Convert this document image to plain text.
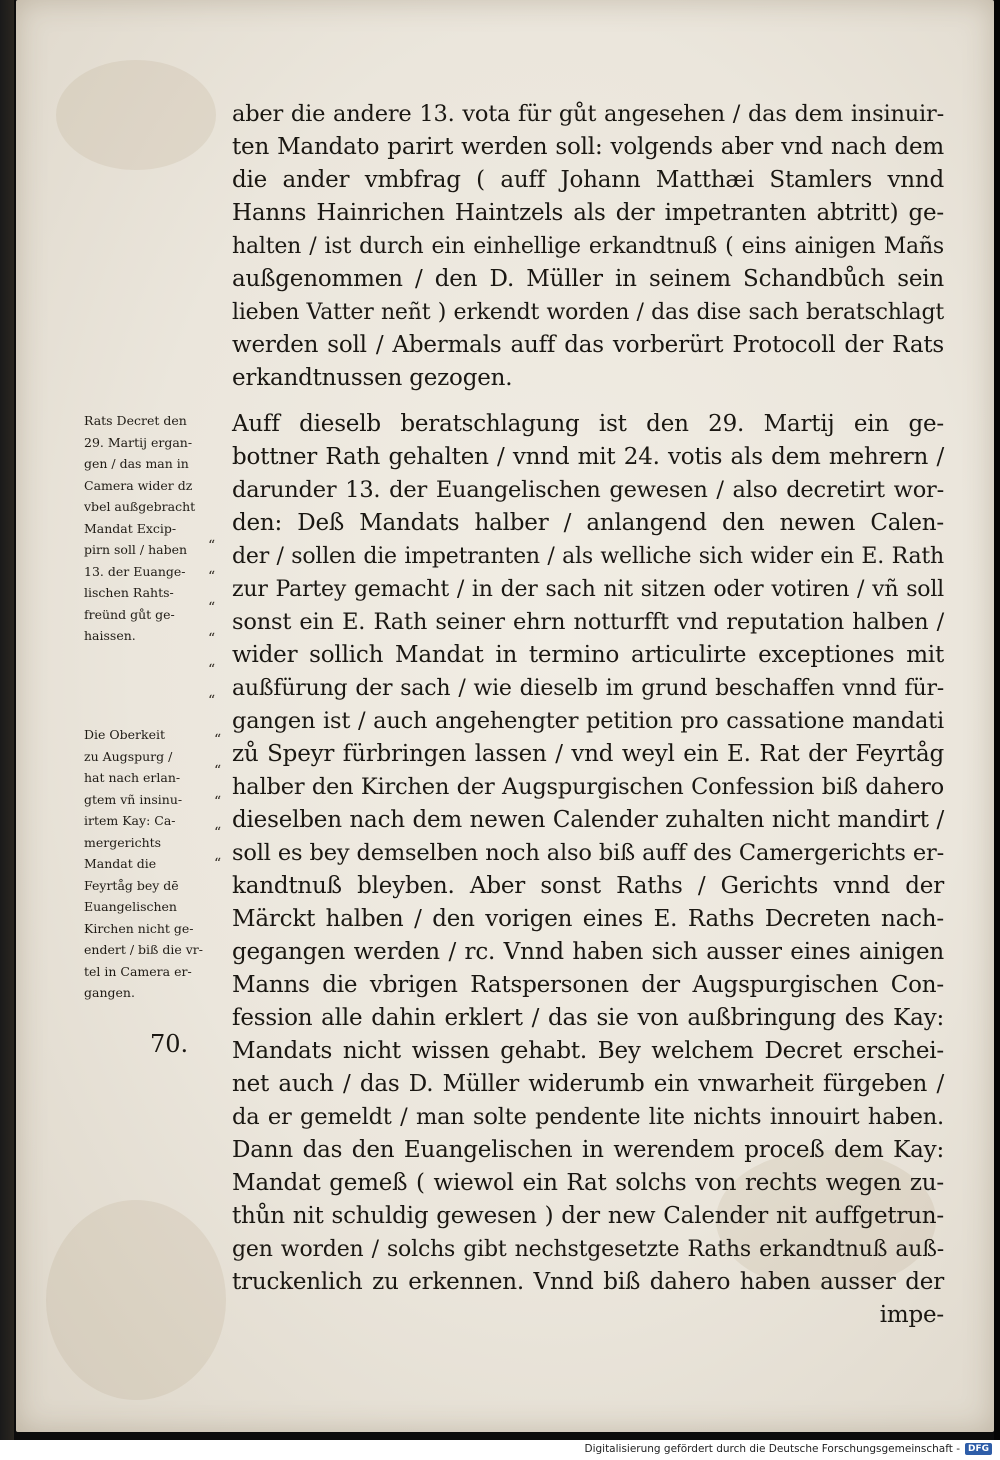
aber die andere 13. vota für gůt angesehen / das dem insinuir-

ten Mandato parirt werden soll: volgends aber vnd nach dem

die ander vmbfrag ( auff Johann Matthæi Stamlers vnnd

Hanns Hainrichen Haintzels als der impetranten abtritt) ge-

halten / ist durch ein einhellige erkandtnuß ( eins ainigen Mañs

außgenommen / den D. Müller in seinem Schandbůch sein

lieben Vatter neñt ) erkendt worden / das dise sach beratschlagt

werden soll / Abermals auff das vorberürt Protocoll der Rats

erkandtnussen gezogen.

Auff dieselb beratschlagung ist den 29. Martij ein ge-

bottner Rath gehalten / vnnd mit 24. votis als dem mehrern /

darunder 13. der Euangelischen gewesen / also decretirt wor-

den: Deß Mandats halber / anlangend den newen Calen-

der / sollen die impetranten / als welliche sich wider ein E. Rath

zur Partey gemacht / in der sach nit sitzen oder votiren / vñ soll

sonst ein E. Rath seiner ehrn notturfft vnd reputation halben /

wider sollich Mandat in termino articulirte exceptiones mit

außfürung der sach / wie dieselb im grund beschaffen vnnd für-

gangen ist / auch angehengter petition pro cassatione mandati

zů Speyr fürbringen lassen / vnd weyl ein E. Rat der Feyrtåg

halber den Kirchen der Augspurgischen Confession biß dahero

dieselben nach dem newen Calender zuhalten nicht mandirt /

soll es bey demselben noch also biß auff des Camergerichts er-

kandtnuß bleyben. Aber sonst Raths / Gerichts vnnd der

Märckt halben / den vorigen eines E. Raths Decreten nach-

gegangen werden / rc. Vnnd haben sich ausser eines ainigen

Manns die vbrigen Ratspersonen der Augspurgischen Con-

fession alle dahin erklert / das sie von außbringung des Kay:

Mandats nicht wissen gehabt. Bey welchem Decret erschei-

net auch / das D. Müller widerumb ein vnwarheit fürgeben /

da er gemeldt / man solte pendente lite nichts innouirt haben.

Dann das den Euangelischen in werendem proceß dem Kay:

Mandat gemeß ( wiewol ein Rat solchs von rechts wegen zu-

thůn nit schuldig gewesen ) der new Calender nit auffgetrun-

gen worden / solchs gibt nechstgesetzte Raths erkandtnuß auß-

truckenlich zu erkennen. Vnnd biß dahero haben ausser der

impe-

Rats Decret den

29. Martij ergan-

gen / das man in

Camera wider dz

vbel außgebracht

Mandat Excip-

pirn soll / haben

13. der Euange-

lischen Rahts-

freünd gůt ge-

haissen.

Die Oberkeit

zu Augspurg /

hat nach erlan-

gtem vñ insinu-

irtem Kay: Ca-

mergerichts

Mandat die

Feyrtåg bey dē

Euangelischen

Kirchen nicht ge-

endert / biß die vr-

tel in Camera er-

gangen.

“
“
“
“
“
“
“
“
“
“
“
70.
Digitalisierung gefördert durch die Deutsche Forschungsgemeinschaft - DFG
